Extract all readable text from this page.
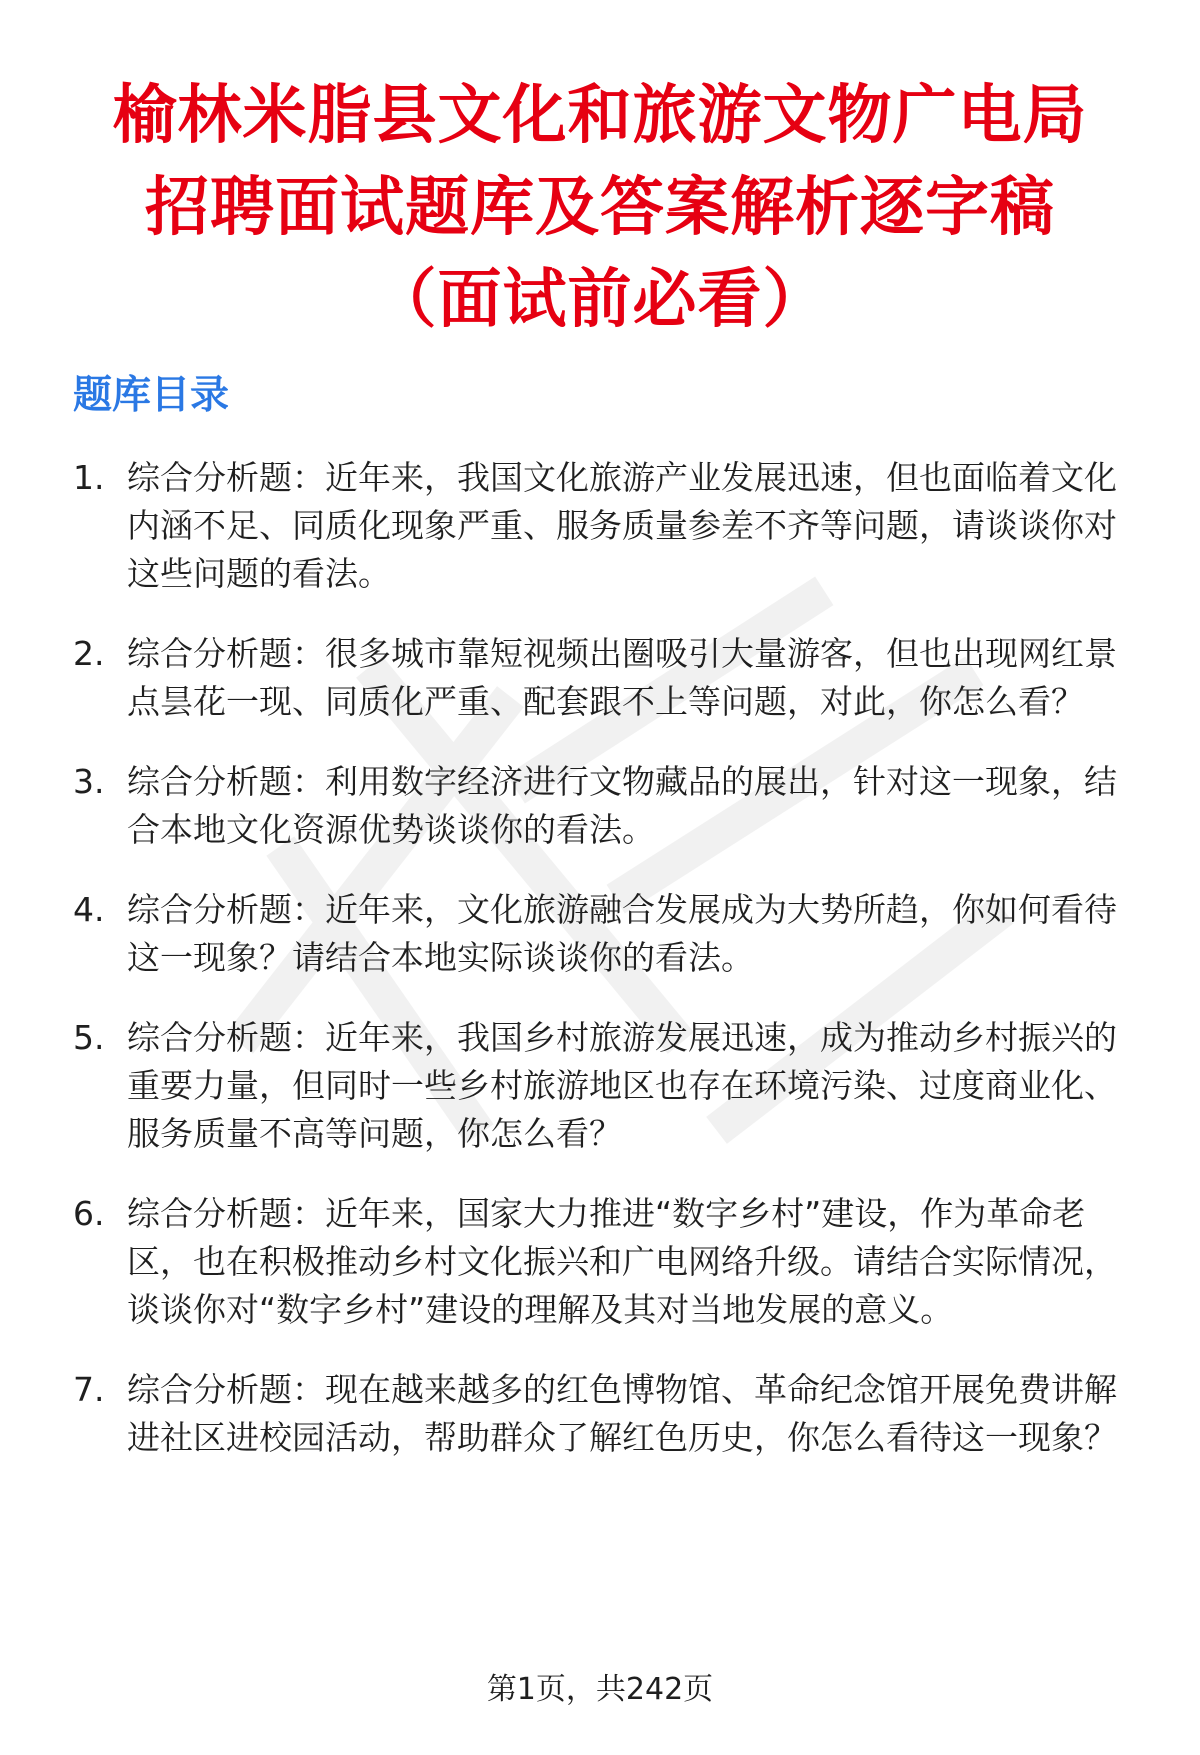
榆林米脂县文化和旅游文物广电局
招聘面试题库及答案解析逐字稿
（面试前必看）
题库目录
1. 综合分析题：近年来，我国文化旅游产业发展迅速，但也面临着文化内涵不足、同质化现象严重、服务质量参差不齐等问题，请谈谈你对这些问题的看法。
2. 综合分析题：很多城市靠短视频出圈吸引大量游客，但也出现网红景点昙花一现、同质化严重、配套跟不上等问题，对此，你怎么看？
3. 综合分析题：利用数字经济进行文物藏品的展出，针对这一现象，结合本地文化资源优势谈谈你的看法。
4. 综合分析题：近年来，文化旅游融合发展成为大势所趋，你如何看待这一现象？请结合本地实际谈谈你的看法。
5. 综合分析题：近年来，我国乡村旅游发展迅速，成为推动乡村振兴的重要力量，但同时一些乡村旅游地区也存在环境污染、过度商业化、服务质量不高等问题，你怎么看？
6. 综合分析题：近年来，国家大力推进“数字乡村”建设，作为革命老区，也在积极推动乡村文化振兴和广电网络升级。请结合实际情况，谈谈你对“数字乡村”建设的理解及其对当地发展的意义。
7. 综合分析题：现在越来越多的红色博物馆、革命纪念馆开展免费讲解进社区进校园活动，帮助群众了解红色历史，你怎么看待这一现象？
第1页，共242页
